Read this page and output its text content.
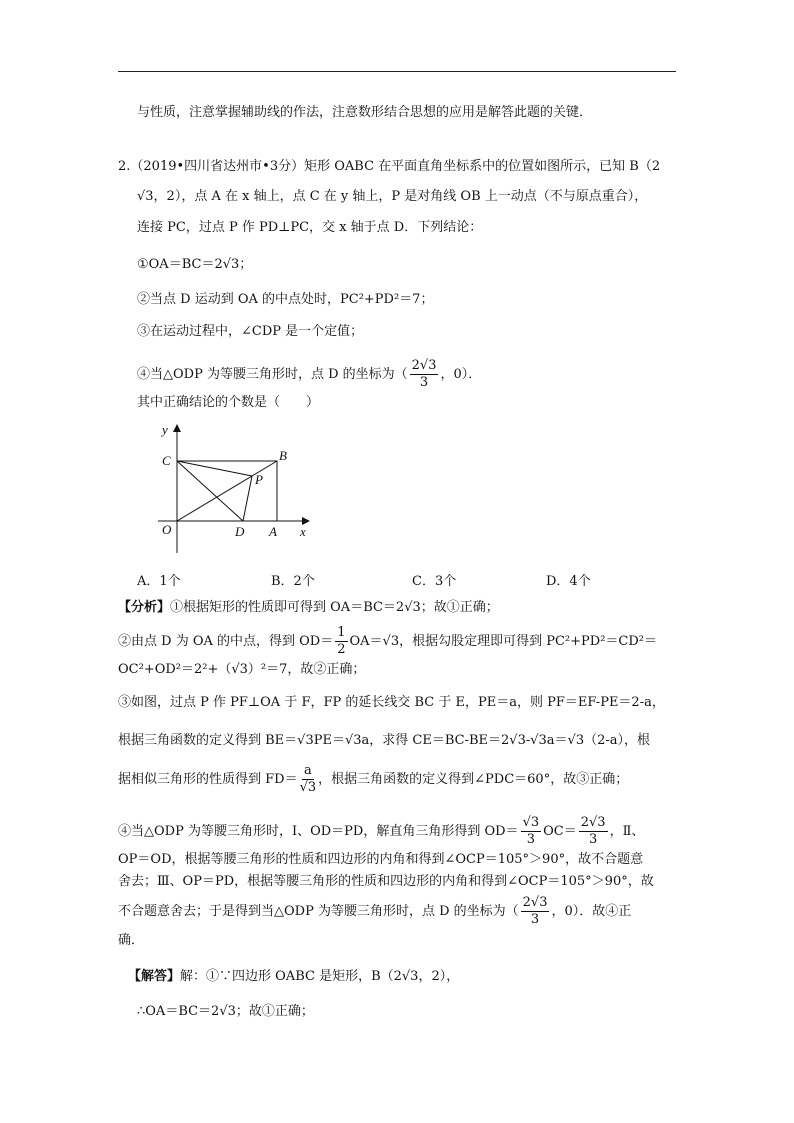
与性质，注意掌握辅助线的作法，注意数形结合思想的应用是解答此题的关键．
2.（2019•四川省达州市•3分）矩形 OABC 在平面直角坐标系中的位置如图所示，已知 B（2
√3，2），点 A 在 x 轴上，点 C 在 y 轴上，P 是对角线 OB 上一动点（不与原点重合），
连接 PC，过点 P 作 PD⊥PC，交 x 轴于点 D．下列结论：
①OA＝BC＝2√3；
②当点 D 运动到 OA 的中点处时，PC²+PD²＝7；
③在运动过程中，∠CDP 是一个定值；
④当△ODP 为等腰三角形时，点 D 的坐标为（ $\frac{2√3}{3}$ ，0）．
其中正确结论的个数是（　　）
y
C	B
P
O	D A x
A．1个	B．2个	C．3个	D．4个
【分析】①根据矩形的性质即可得到 OA＝BC＝2√3；故①正确；
②由点 D 为 OA 的中点，得到 $OD= \frac{1}{2} OA=√3$，根据勾股定理即可得到 PC²+PD²＝CD²＝
OC²+OD²＝2²+（√3）²＝7，故②正确；
③如图，过点 P 作 PF⊥OA 于 F，FP 的延长线交 BC 于 E，PE＝a，则 PF＝EF-PE＝2-a，
根据三角函数的定义得到 BE＝√3PE＝√3a，求得 CE＝BC-BE＝2√3-√3a＝√3（2-a），根
据相似三角形的性质得到 $FD= \frac{a}{√3}$ ，根据三角函数的定义得到∠PDC＝60°，故③正确；
④当△ODP 为等腰三角形时，Ⅰ、OD＝PD，解直角三角形得到 $OD= \frac{√3}{3} OC= \frac{2√3}{3}$ ，Ⅱ、
OP＝OD，根据等腰三角形的性质和四边形的内角和得到∠OCP＝105°＞90°，故不合题意
舍去；Ⅲ、OP＝PD，根据等腰三角形的性质和四边形的内角和得到∠OCP＝105°＞90°，故
不合题意舍去；于是得到当△ODP 为等腰三角形时，点 D 的坐标为（ $\frac{2√3}{3}$ ，0）．故④正
确．
【解答】解：①∵四边形 OABC 是矩形，B（2√3，2），
∴OA＝BC＝2√3；故①正确；
